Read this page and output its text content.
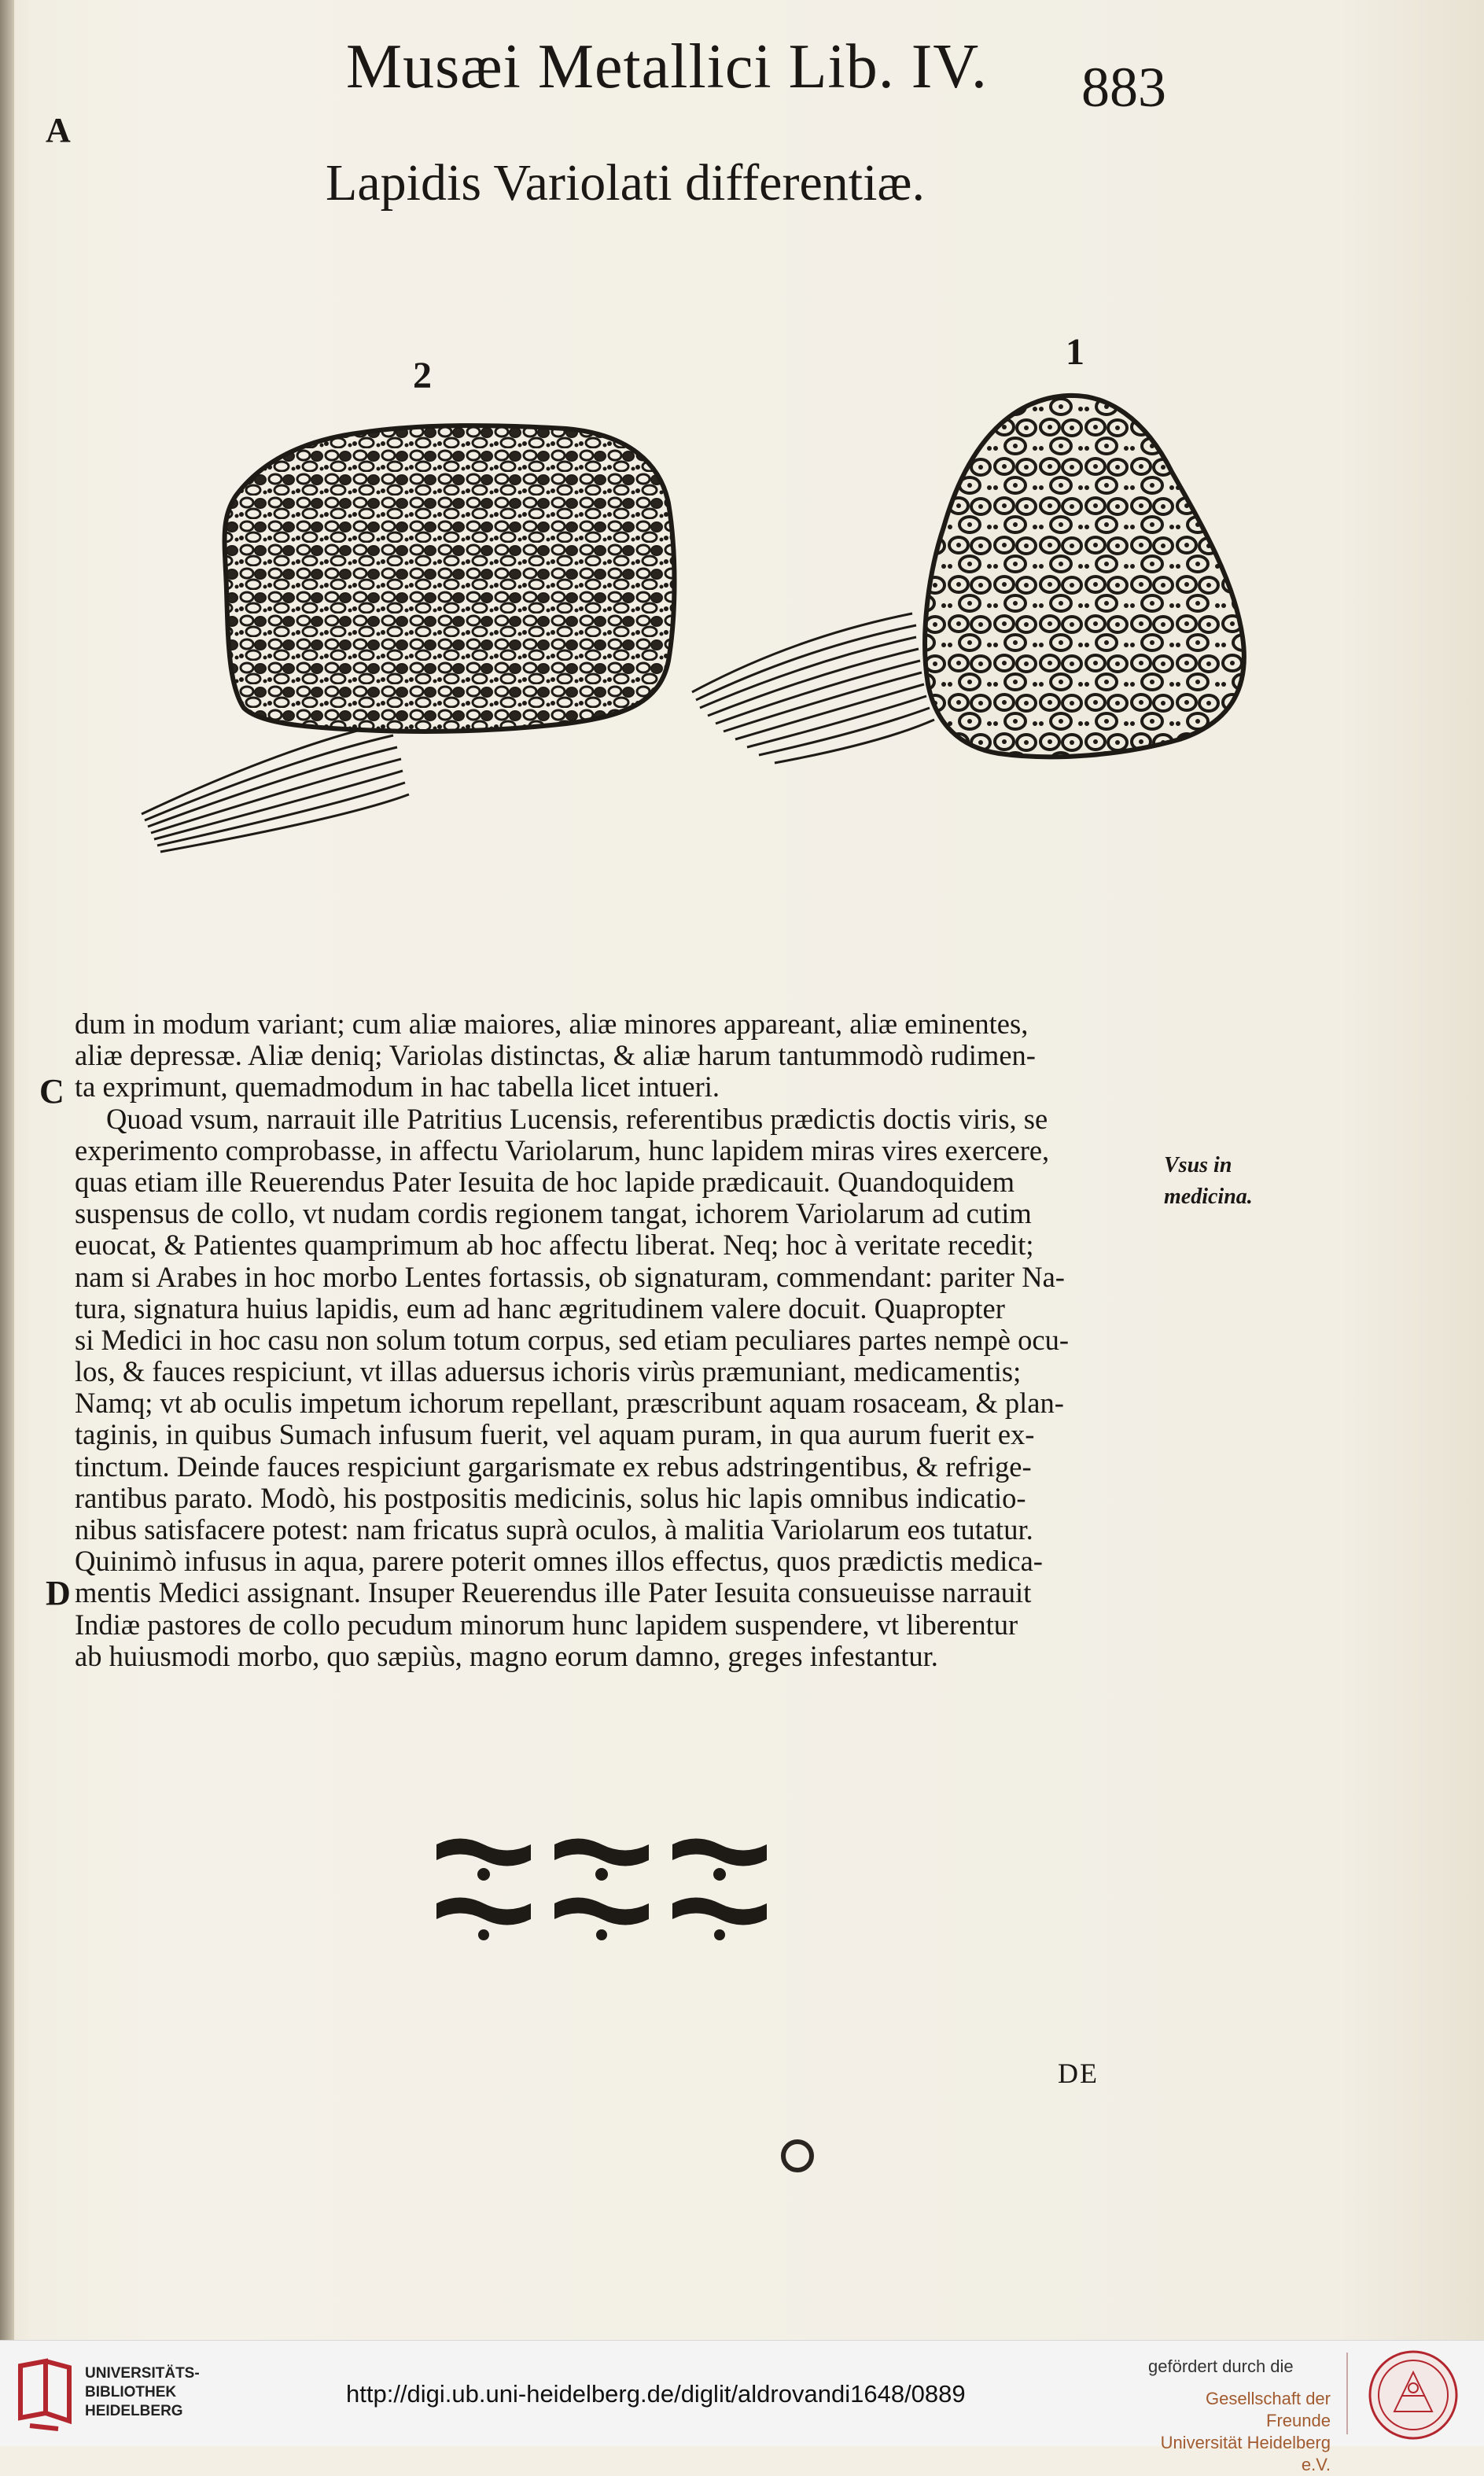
Musæi Metallici Lib. IV. 883
A
C
D
Lapidis Variolati differentiæ.
1
2
dum in modum variant; cum aliæ maiores, aliæ minores appareant, aliæ eminentes,
aliæ depressæ. Aliæ deniq; Variolas distinctas, & aliæ harum tantummodò rudimen-
ta exprimunt, quemadmodum in hac tabella licet intueri.
Quoad vsum, narrauit ille Patritius Lucensis, referentibus prædictis doctis viris, se
experimento comprobasse, in affectu Variolarum, hunc lapidem miras vires exercere,
quas etiam ille Reuerendus Pater Iesuita de hoc lapide prædicauit. Quandoquidem
suspensus de collo, vt nudam cordis regionem tangat, ichorem Variolarum ad cutim
euocat, & Patientes quamprimum ab hoc affectu liberat. Neq; hoc à veritate recedit;
nam si Arabes in hoc morbo Lentes fortassis, ob signaturam, commendant: pariter Na-
tura, signatura huius lapidis, eum ad hanc ægritudinem valere docuit. Quapropter
si Medici in hoc casu non solum totum corpus, sed etiam peculiares partes nempè ocu-
los, & fauces respiciunt, vt illas aduersus ichoris virùs præmuniant, medicamentis;
Namq; vt ab oculis impetum ichorum repellant, præscribunt aquam rosaceam, & plan-
taginis, in quibus Sumach infusum fuerit, vel aquam puram, in qua aurum fuerit ex-
tinctum. Deinde fauces respiciunt gargarismate ex rebus adstringentibus, & refrige-
rantibus parato. Modò, his postpositis medicinis, solus hic lapis omnibus indicatio-
nibus satisfacere potest: nam fricatus suprà oculos, à malitia Variolarum eos tutatur.
Quinimò infusus in aqua, parere poterit omnes illos effectus, quos prædictis medica-
mentis Medici assignant. Insuper Reuerendus ille Pater Iesuita consueuisse narrauit
Indiæ pastores de collo pecudum minorum hunc lapidem suspendere, vt liberentur
ab huiusmodi morbo, quo sæpiùs, magno eorum damno, greges infestantur.
Vsus in medicina.
DE
UNIVERSITÄTS-
BIBLIOTHEK
HEIDELBERG
http://digi.ub.uni-heidelberg.de/diglit/aldrovandi1648/0889
gefördert durch die
Gesellschaft der Freunde
Universität Heidelberg e.V.
